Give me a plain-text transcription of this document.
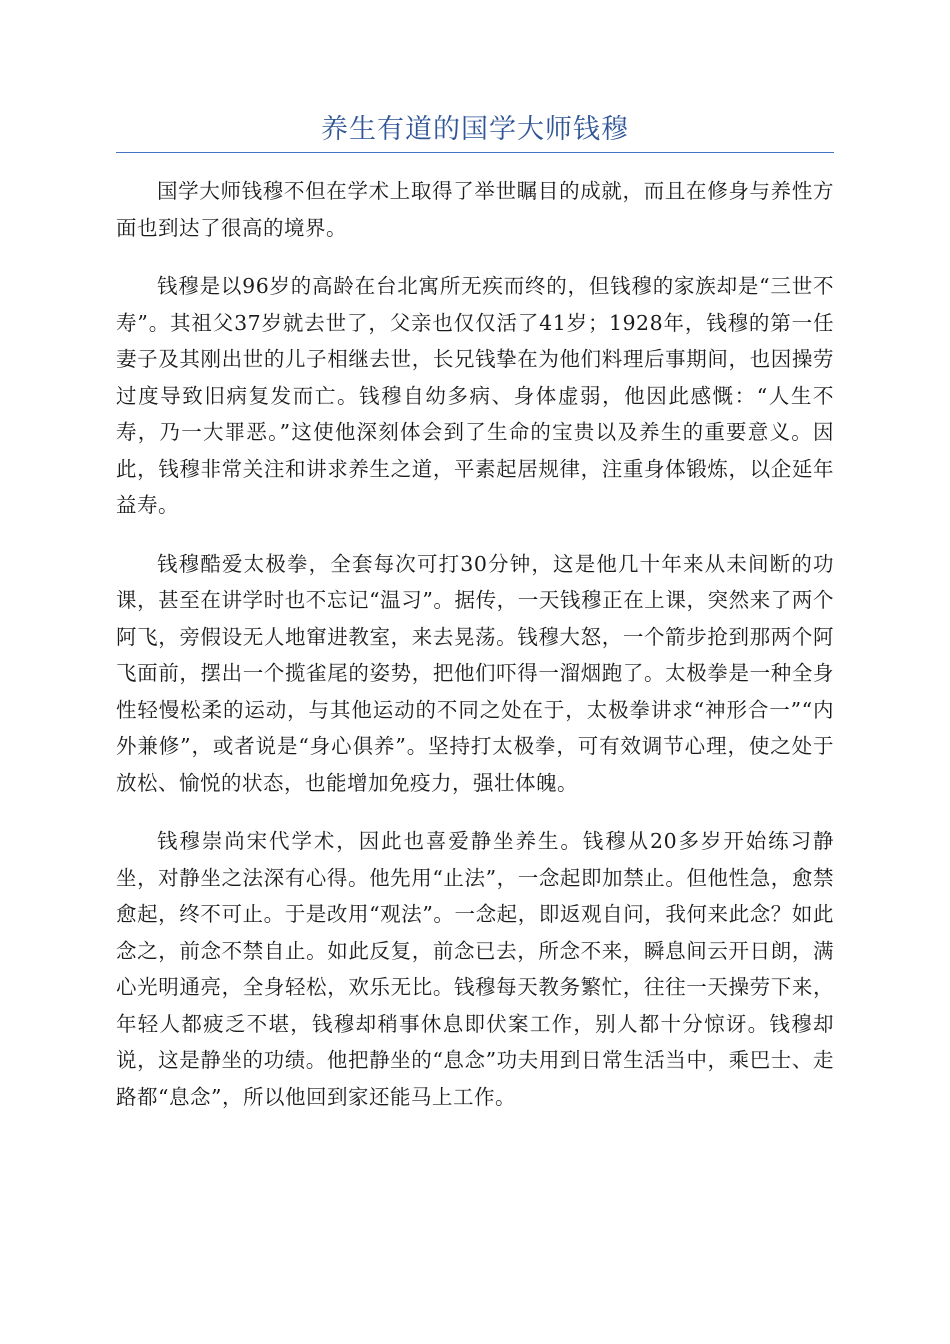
养生有道的国学大师钱穆

国学大师钱穆不但在学术上取得了举世瞩目的成就，而且在修身与养性方面也到达了很高的境界。

钱穆是以96岁的高龄在台北寓所无疾而终的，但钱穆的家族却是“三世不寿”。其祖父37岁就去世了，父亲也仅仅活了41岁；1928年，钱穆的第一任妻子及其刚出世的儿子相继去世，长兄钱挚在为他们料理后事期间，也因操劳过度导致旧病复发而亡。钱穆自幼多病、身体虚弱，他因此感慨：“人生不寿，乃一大罪恶。”这使他深刻体会到了生命的宝贵以及养生的重要意义。因此，钱穆非常关注和讲求养生之道，平素起居规律，注重身体锻炼，以企延年益寿。

钱穆酷爱太极拳，全套每次可打30分钟，这是他几十年来从未间断的功课，甚至在讲学时也不忘记“温习”。据传，一天钱穆正在上课，突然来了两个阿飞，旁假设无人地窜进教室，来去晃荡。钱穆大怒，一个箭步抢到那两个阿飞面前，摆出一个揽雀尾的姿势，把他们吓得一溜烟跑了。太极拳是一种全身性轻慢松柔的运动，与其他运动的不同之处在于，太极拳讲求“神形合一”“内外兼修”，或者说是“身心俱养”。坚持打太极拳，可有效调节心理，使之处于放松、愉悦的状态，也能增加免疫力，强壮体魄。

钱穆崇尚宋代学术，因此也喜爱静坐养生。钱穆从20多岁开始练习静坐，对静坐之法深有心得。他先用“止法”，一念起即加禁止。但他性急，愈禁愈起，终不可止。于是改用“观法”。一念起，即返观自问，我何来此念？如此念之，前念不禁自止。如此反复，前念已去，所念不来，瞬息间云开日朗，满心光明通亮，全身轻松，欢乐无比。钱穆每天教务繁忙，往往一天操劳下来，年轻人都疲乏不堪，钱穆却稍事休息即伏案工作，别人都十分惊讶。钱穆却说，这是静坐的功绩。他把静坐的“息念”功夫用到日常生活当中，乘巴士、走路都“息念”，所以他回到家还能马上工作。
